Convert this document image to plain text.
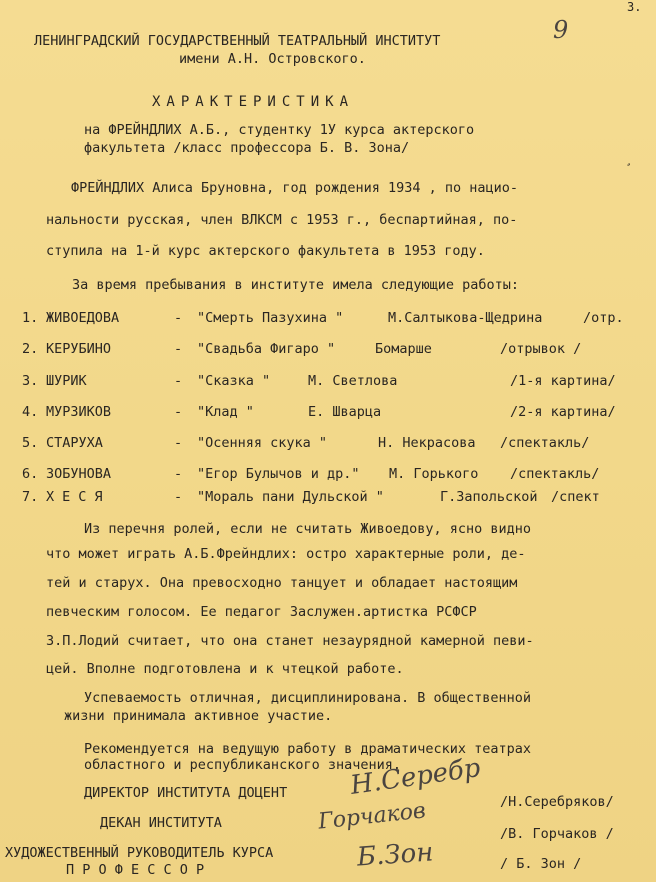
3.
9
¸
ЛЕНИНГРАДСКИЙ ГОСУДАРСТВЕННЫЙ ТЕАТРАЛЬНЫЙ ИНСТИТУТ
имени А.Н. Островского.
ХАРАКТЕРИСТИКА
на ФРЕЙНДЛИХ А.Б., студентку 1У курса актерского
факультета /класс профессора Б. В. Зона/
ФРЕЙНДЛИХ Алиса Бруновна, год рождения 1934 , по нацио-
нальности русская, член ВЛКСМ с 1953 г., беспартийная, по-
ступила на 1-й курс актерского факультета в 1953 году.
За время пребывания в институте имела следующие работы:
1. ЖИВОЕДОВА	- "Смерть Пазухина "	М.Салтыкова-Щедрина	/отр.
2. КЕРУБИНО	- "Свадьба Фигаро "	Бомарше	/отрывок /
3. ШУРИК	- "Сказка "	М. Светлова	/1-я картина/
4. МУРЗИКОВ	- "Клад "	Е. Шварца	/2-я картина/
5. СТАРУХА	- "Осенняя скука "	Н. Некрасова /спектакль/
6. ЗОБУНОВА	- "Егор Булычов и др." М. Горького /спектакль/
7. ХЕСЯ	- "Мораль пани Дульской "	Г.Запольской /спект
Из перечня ролей, если не считать Живоедову, ясно видно
что может играть А.Б.Фрейндлих: остро характерные роли, де-
тей и старух. Она превосходно танцует и обладает настоящим
певческим голосом. Ее педагог Заслужен.артистка РСФСР
З.П.Лодий считает, что она станет незаурядной камерной певи-
цей. Вполне подготовлена и к чтецкой работе.
Успеваемость отличная, дисциплинирована. В общественной
жизни принимала активное участие.
Рекомендуется на ведущую работу в драматических театрах
областного и республиканского значения.
ДИРЕКТОР ИНСТИТУТА ДОЦЕНТ Н.Серебр
/Н.Серебряков/
ДЕКАН ИНСТИТУТА	Горчаков	/В. Горчаков /
ХУДОЖЕСТВЕННЫЙ РУКОВОДИТЕЛЬ КУРСА	Б.Зон	/ Б. Зон /
П Р О Ф Е С С О Р
